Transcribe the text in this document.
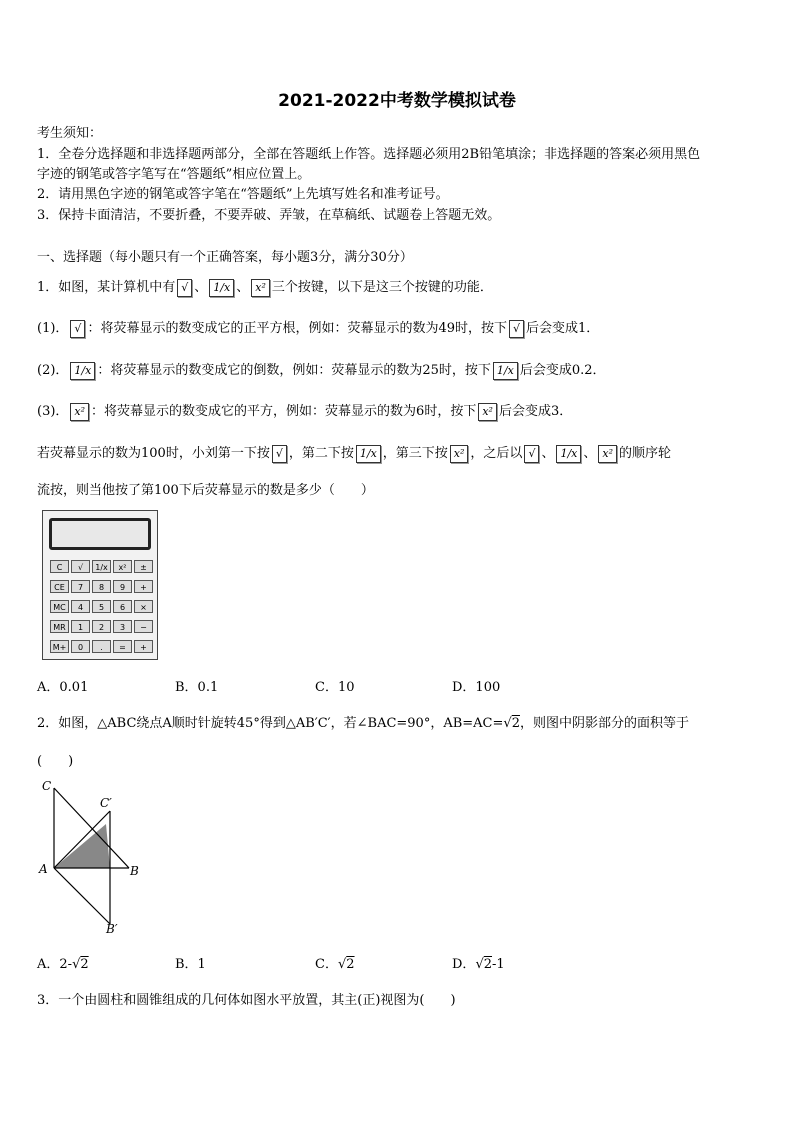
2021-2022中考数学模拟试卷
考生须知：
1．全卷分选择题和非选择题两部分，全部在答题纸上作答。选择题必须用2B铅笔填涂；非选择题的答案必须用黑色
字迹的钢笔或答字笔写在“答题纸”相应位置上。
2．请用黑色字迹的钢笔或答字笔在“答题纸”上先填写姓名和准考证号。
3．保持卡面清洁，不要折叠，不要弄破、弄皱，在草稿纸、试题卷上答题无效。
一、选择题（每小题只有一个正确答案，每小题3分，满分30分）
1．如图，某计算机中有 √ 、 1/x 、 x² 三个按键，以下是这三个按键的功能．
(1)． √ ：将荧幕显示的数变成它的正平方根，例如：荧幕显示的数为49时，按下 √ 后会变成1．
(2)． 1/x ：将荧幕显示的数变成它的倒数，例如：荧幕显示的数为25时，按下 1/x 后会变成0.2．
(3)． x² ：将荧幕显示的数变成它的平方，例如：荧幕显示的数为6时，按下 x² 后会变成3．
若荧幕显示的数为100时，小刘第一下按 √ ，第二下按 1/x ，第三下按 x² ，之后以 √ 、 1/x 、 x² 的顺序轮
流按，则当他按了第100下后荧幕显示的数是多少（　　）
C	√	1/x	x²	±
CE	7	8	9	+
MC	4	5	6	×
MR	1	2	3	−
M+	0	.	=	+
A．0.01	B．0.1	C．10	D．100
2．如图，△ABC绕点A顺时针旋转45°得到△AB′C′，若∠BAC=90°，AB=AC=√2，则图中阴影部分的面积等于
(　　)
C
C′
A	B
B′
A．2-√2	B．1	C．√2	D．√2-1
3．一个由圆柱和圆锥组成的几何体如图水平放置，其主(正)视图为(　　)
